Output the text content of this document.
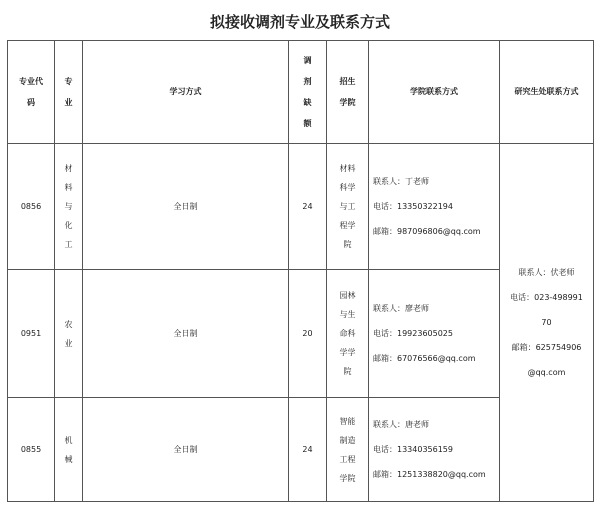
拟接收调剂专业及联系方式
专业代
码	专
业	学习方式	调
剂
缺
额	招生
学院	学院联系方式	研究生处联系方式
0856	材
料
与
化
工	全日制	24	材料
科学
与工
程学
院	联系人：丁老师
电话：13350322194
邮箱：987096806@qq.com	联系人：伏老师
电话：023-498991
70
邮箱：625754906
@qq.com

0951	农
业	全日制	20	园林
与生
命科
学学
院	联系人：廖老师
电话：19923605025
邮箱：67076566@qq.com	

0855	机
械	全日制	24	智能
制造
工程
学院	联系人：唐老师
电话：13340356159
邮箱：1251338820@qq.com	
